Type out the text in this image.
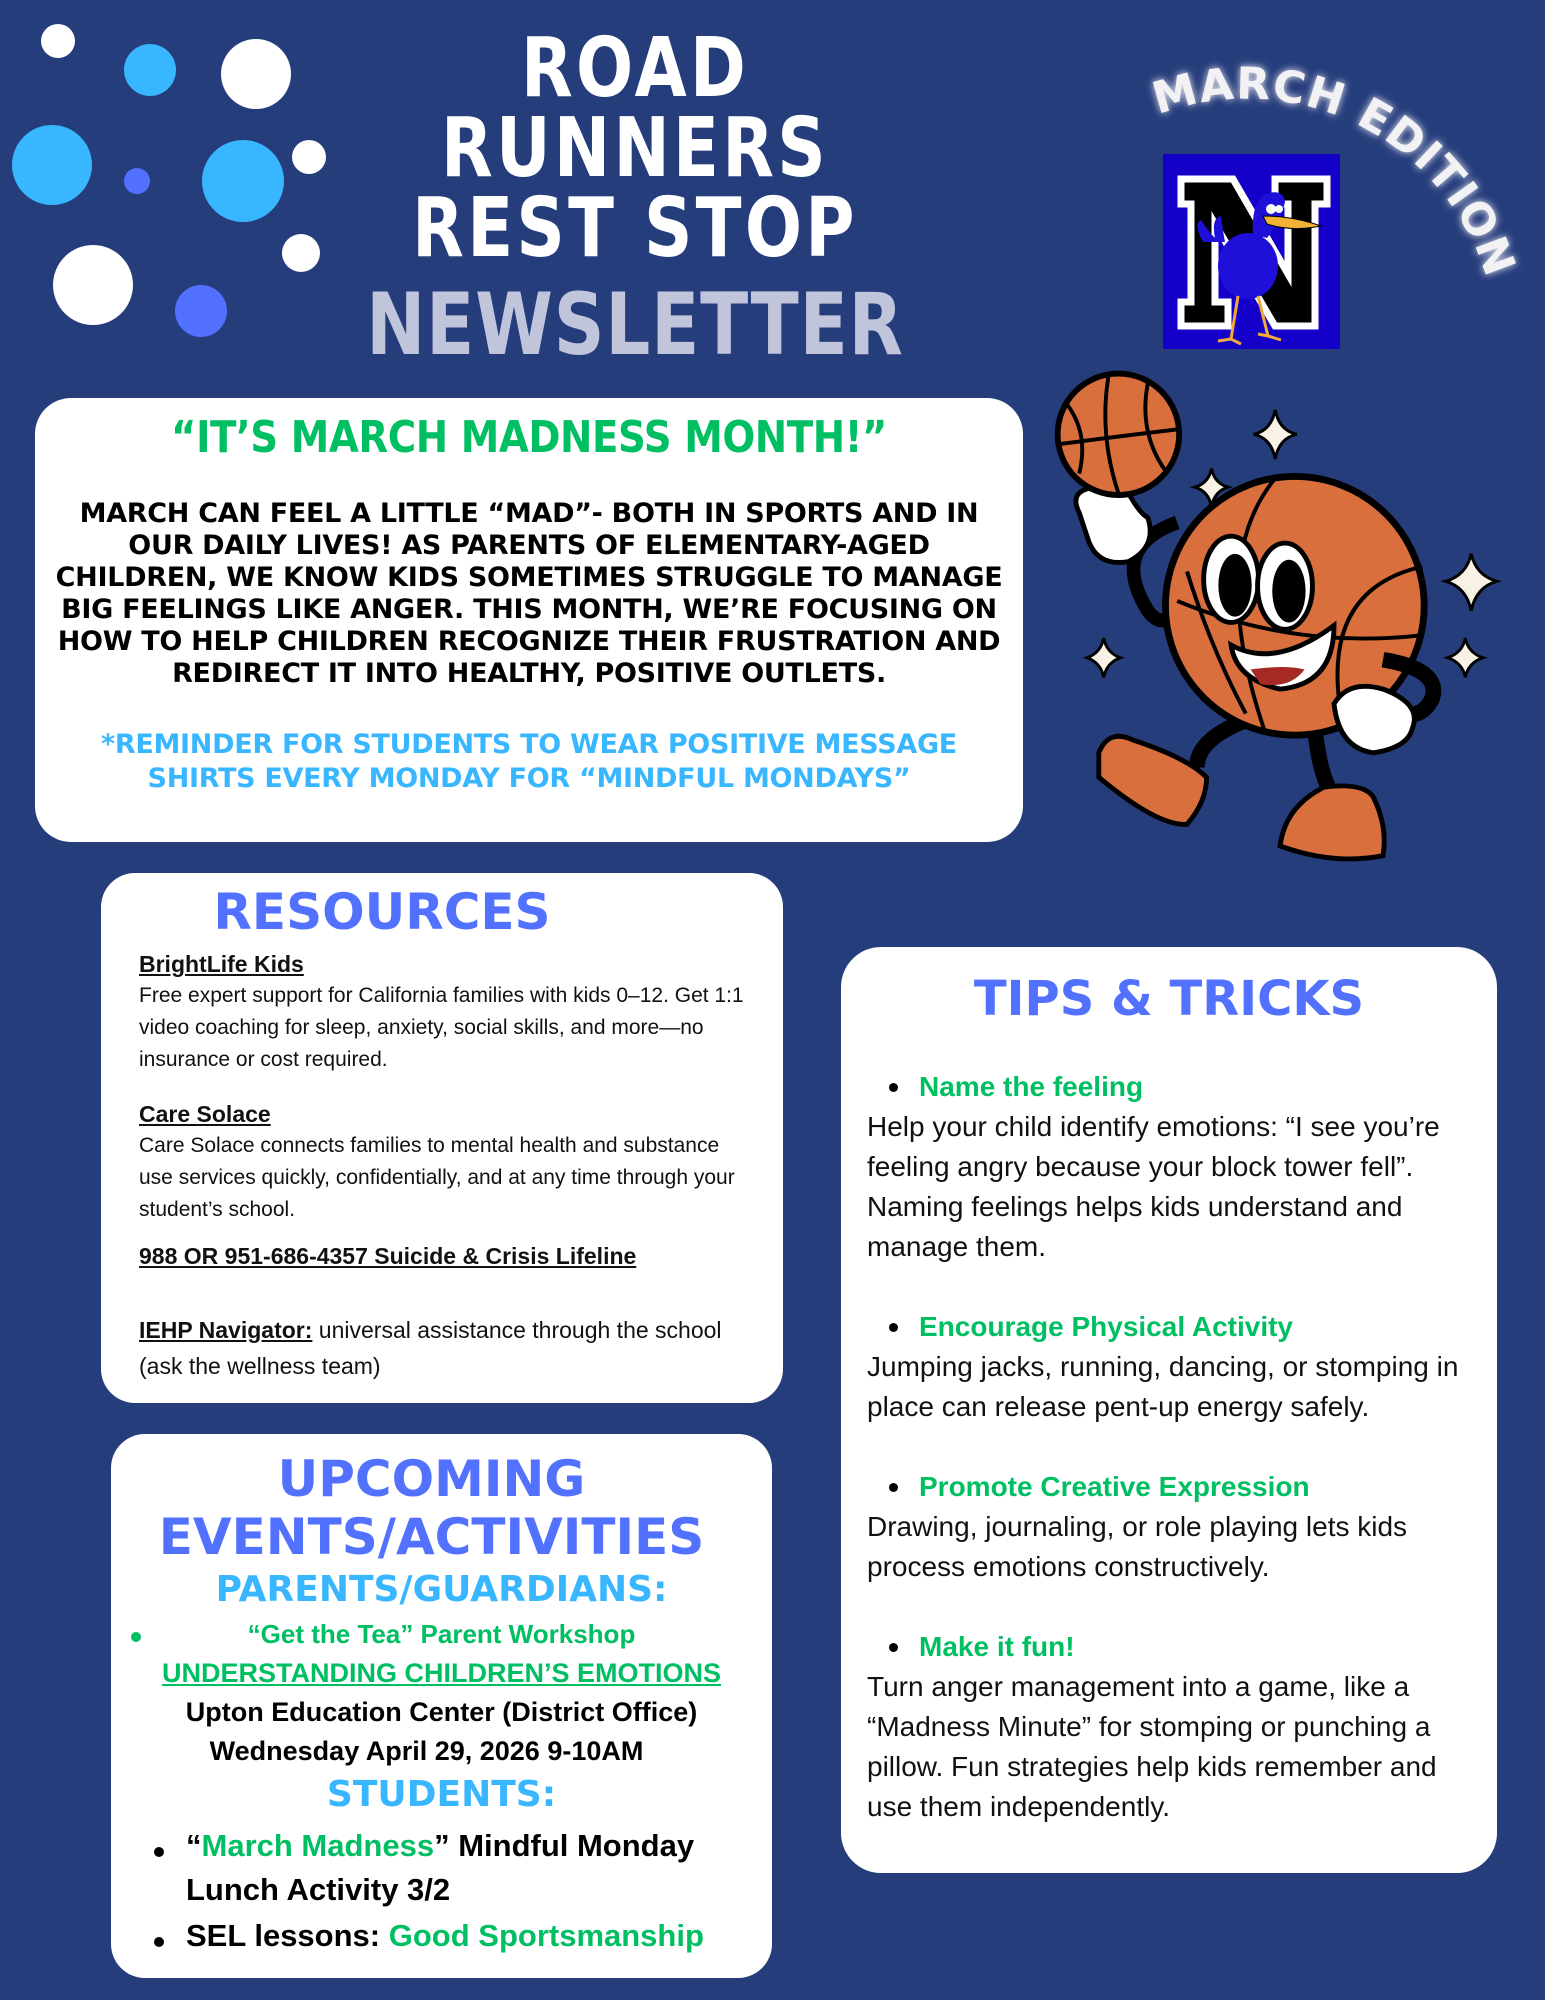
ROAD
RUNNERS
REST STOP
NEWSLETTER
MARCH EDITION
“IT’S MARCH MADNESS MONTH!”
MARCH CAN FEEL A LITTLE “MAD”- BOTH IN SPORTS AND IN OUR DAILY LIVES! AS PARENTS OF ELEMENTARY-AGED CHILDREN, WE KNOW KIDS SOMETIMES STRUGGLE TO MANAGE BIG FEELINGS LIKE ANGER. THIS MONTH, WE’RE FOCUSING ON HOW TO HELP CHILDREN RECOGNIZE THEIR FRUSTRATION AND REDIRECT IT INTO HEALTHY, POSITIVE OUTLETS.
*REMINDER FOR STUDENTS TO WEAR POSITIVE MESSAGE SHIRTS EVERY MONDAY FOR “MINDFUL MONDAYS”
RESOURCES
BrightLife Kids
Free expert support for California families with kids 0–12. Get 1:1 video coaching for sleep, anxiety, social skills, and more—no insurance or cost required.
Care Solace
Care Solace connects families to mental health and substance use services quickly, confidentially, and at any time through your student’s school.
988 OR 951-686-4357 Suicide & Crisis Lifeline
IEHP Navigator: universal assistance through the school (ask the wellness team)
UPCOMING
EVENTS/ACTIVITIES
PARENTS/GUARDIANS:
“Get the Tea” Parent Workshop
UNDERSTANDING CHILDREN’S EMOTIONS
Upton Education Center (District Office)
Wednesday April 29, 2026 9-10AM
STUDENTS:
“March Madness” Mindful Monday Lunch Activity 3/2
SEL lessons: Good Sportsmanship
TIPS & TRICKS
Name the feeling
Help your child identify emotions: “I see you’re feeling angry because your block tower fell”. Naming feelings helps kids understand and manage them.
Encourage Physical Activity
Jumping jacks, running, dancing, or stomping in place can release pent-up energy safely.
Promote Creative Expression
Drawing, journaling, or role playing lets kids process emotions constructively.
Make it fun!
Turn anger management into a game, like a “Madness Minute” for stomping or punching a pillow. Fun strategies help kids remember and use them independently.
